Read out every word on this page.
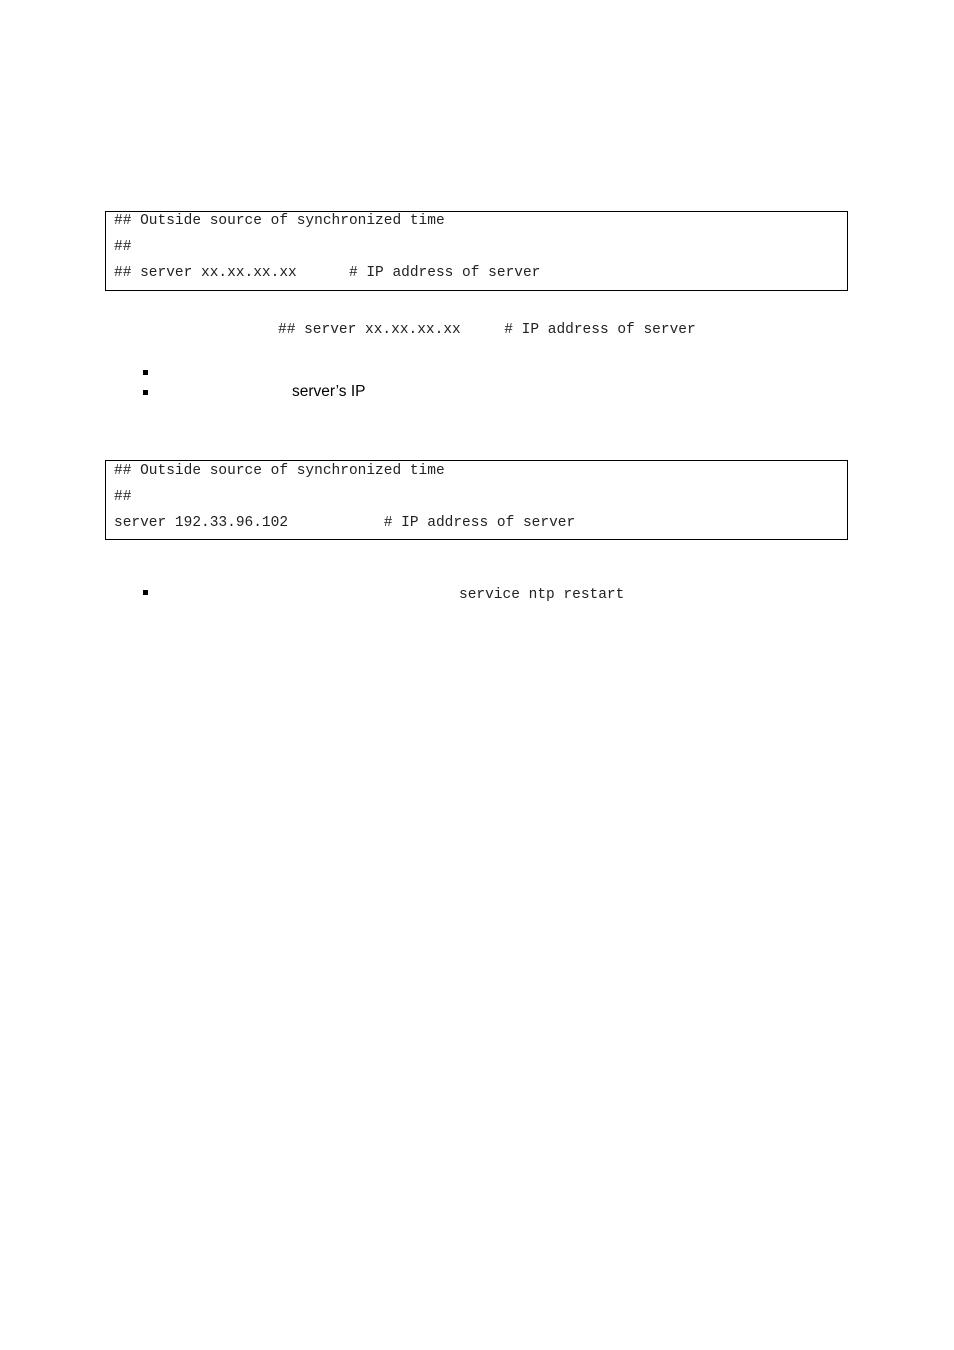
## Outside source of synchronized time
##
## server xx.xx.xx.xx      # IP address of server
## server xx.xx.xx.xx     # IP address of server
server’s IP
## Outside source of synchronized time
##
server 192.33.96.102           # IP address of server
service ntp restart
